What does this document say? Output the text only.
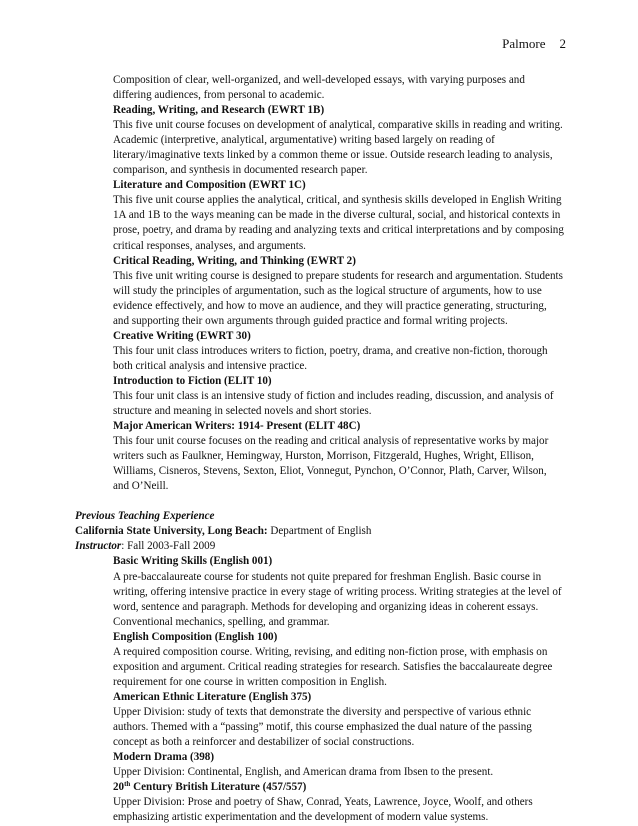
Palmore 2

Composition of clear, well-organized, and well-developed essays, with varying purposes and differing audiences, from personal to academic.

Reading, Writing, and Research (EWRT 1B)

This five unit course focuses on development of analytical, comparative skills in reading and writing. Academic (interpretive, analytical, argumentative) writing based largely on reading of literary/imaginative texts linked by a common theme or issue. Outside research leading to analysis, comparison, and synthesis in documented research paper.

Literature and Composition (EWRT 1C)

This five unit course applies the analytical, critical, and synthesis skills developed in English Writing 1A and 1B to the ways meaning can be made in the diverse cultural, social, and historical contexts in prose, poetry, and drama by reading and analyzing texts and critical interpretations and by composing critical responses, analyses, and arguments.

Critical Reading, Writing, and Thinking (EWRT 2)

This five unit writing course is designed to prepare students for research and argumentation. Students will study the principles of argumentation, such as the logical structure of arguments, how to use evidence effectively, and how to move an audience, and they will practice generating, structuring, and supporting their own arguments through guided practice and formal writing projects.

Creative Writing (EWRT 30)

This four unit class introduces writers to fiction, poetry, drama, and creative non-fiction, thorough both critical analysis and intensive practice.

Introduction to Fiction (ELIT 10)

This four unit class is an intensive study of fiction and includes reading, discussion, and analysis of structure and meaning in selected novels and short stories.

Major American Writers: 1914- Present (ELIT 48C)

This four unit course focuses on the reading and critical analysis of representative works by major writers such as Faulkner, Hemingway, Hurston, Morrison, Fitzgerald, Hughes, Wright, Ellison, Williams, Cisneros, Stevens, Sexton, Eliot, Vonnegut, Pynchon, O’Connor, Plath, Carver, Wilson, and O’Neill.

Previous Teaching Experience

California State University, Long Beach: Department of English

Instructor: Fall 2003-Fall 2009

Basic Writing Skills (English 001)

A pre-baccalaureate course for students not quite prepared for freshman English. Basic course in writing, offering intensive practice in every stage of writing process. Writing strategies at the level of word, sentence and paragraph. Methods for developing and organizing ideas in coherent essays. Conventional mechanics, spelling, and grammar.

English Composition (English 100)

A required composition course. Writing, revising, and editing non-fiction prose, with emphasis on exposition and argument. Critical reading strategies for research. Satisfies the baccalaureate degree requirement for one course in written composition in English.

American Ethnic Literature (English 375)

Upper Division: study of texts that demonstrate the diversity and perspective of various ethnic authors. Themed with a “passing” motif, this course emphasized the dual nature of the passing concept as both a reinforcer and destabilizer of social constructions.

Modern Drama (398)

Upper Division: Continental, English, and American drama from Ibsen to the present.

20th Century British Literature (457/557)

Upper Division: Prose and poetry of Shaw, Conrad, Yeats, Lawrence, Joyce, Woolf, and others emphasizing artistic experimentation and the development of modern value systems.
